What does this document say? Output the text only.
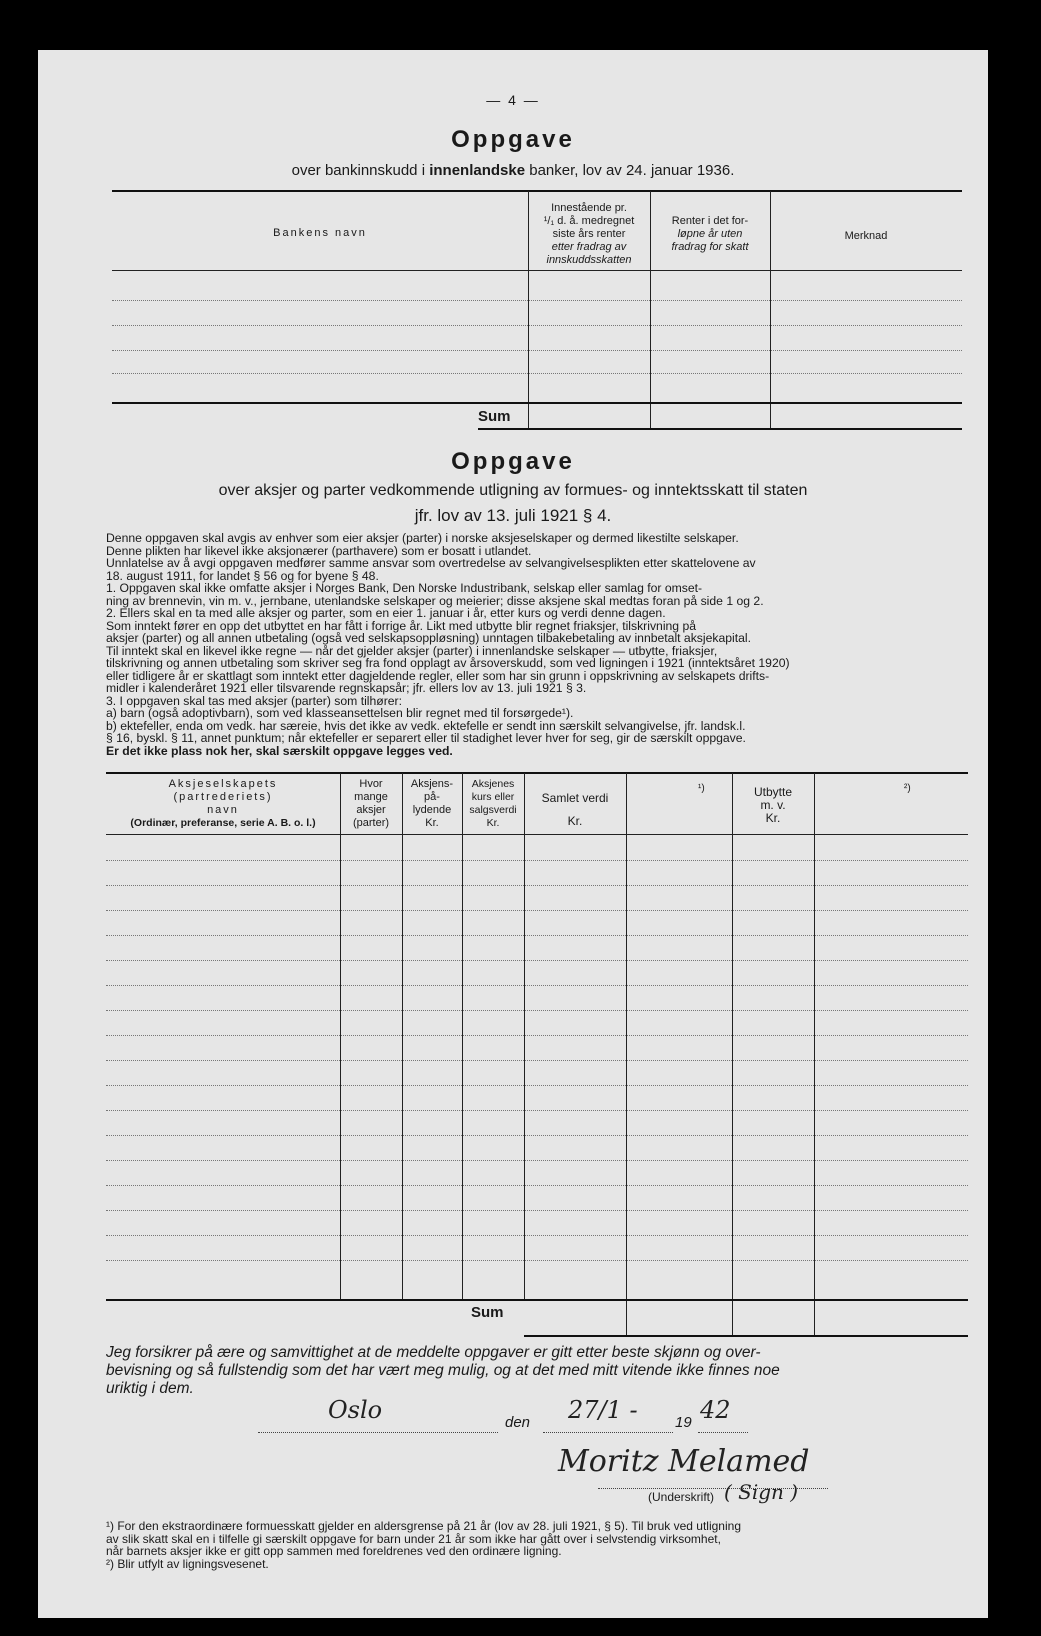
— 4 —
Oppgave
over bankinnskudd i innenlandske banker, lov av 24. januar 1936.
Bankens navn
Innestående pr.
¹/₁ d. å. medregnet
siste års renter
etter fradrag av
innskuddsskatten
Renter i det for-
løpne år uten
fradrag for skatt
Merknad
Sum
Oppgave
over aksjer og parter vedkommende utligning av formues- og inntektsskatt til staten
jfr. lov av 13. juli 1921 § 4.

Denne oppgaven skal avgis av enhver som eier aksjer (parter) i norske aksjeselskaper og dermed likestilte selskaper.

Denne plikten har likevel ikke aksjonærer (parthavere) som er bosatt i utlandet.

Unnlatelse av å avgi oppgaven medfører samme ansvar som overtredelse av selvangivelsesplikten etter skattelovene av

18. august 1911, for landet § 56 og for byene § 48.

1. Oppgaven skal ikke omfatte aksjer i Norges Bank, Den Norske Industribank, selskap eller samlag for omset-

ning av brennevin, vin m. v., jernbane, utenlandske selskaper og meierier; disse aksjene skal medtas foran på side 1 og 2.

2. Ellers skal en ta med alle aksjer og parter, som en eier 1. januar i år, etter kurs og verdi denne dagen.

Som inntekt fører en opp det utbyttet en har fått i forrige år. Likt med utbytte blir regnet friaksjer, tilskrivning på

aksjer (parter) og all annen utbetaling (også ved selskapsoppløsning) unntagen tilbakebetaling av innbetalt aksjekapital.

Til inntekt skal en likevel ikke regne — når det gjelder aksjer (parter) i innenlandske selskaper — utbytte, friaksjer,

tilskrivning og annen utbetaling som skriver seg fra fond opplagt av årsoverskudd, som ved ligningen i 1921 (inntektsåret 1920)

eller tidligere år er skattlagt som inntekt etter dagjeldende regler, eller som har sin grunn i oppskrivning av selskapets drifts-

midler i kalenderåret 1921 eller tilsvarende regnskapsår; jfr. ellers lov av 13. juli 1921 § 3.

3. I oppgaven skal tas med aksjer (parter) som tilhører:

a) barn (også adoptivbarn), som ved klasseansettelsen blir regnet med til forsørgede¹).

b) ektefeller, enda om vedk. har særeie, hvis det ikke av vedk. ektefelle er sendt inn særskilt selvangivelse, jfr. landsk.l.

§ 16, byskl. § 11, annet punktum; når ektefeller er separert eller til stadighet lever hver for seg, gir de særskilt oppgave.

Er det ikke plass nok her, skal særskilt oppgave legges ved.

Aksjeselskapets
(partrederiets)
navn
(Ordinær, preferanse, serie A. B. o. l.)
Hvor
mange
aksjer
(parter)
Aksjens-
på-
lydende
Kr.
Aksjenes
kurs eller
salgsverdi
Kr.
Samlet verdi
Kr.
¹)	Utbytte
m. v.
Kr.
²)
Sum
Jeg forsikrer på ære og samvittighet at de meddelte oppgaver er gitt etter beste skjønn og over-
bevisning og så fullstendig som det har vært meg mulig, og at det med mitt vitende ikke finnes noe
uriktig i dem.
Oslo	den 27/1 - 19 42
Moritz Melamed
(Underskrift) ( Sign )

¹) For den ekstraordinære formuesskatt gjelder en aldersgrense på 21 år (lov av 28. juli 1921, § 5). Til bruk ved utligning

av slik skatt skal en i tilfelle gi særskilt oppgave for barn under 21 år som ikke har gått over i selvstendig virksomhet,

når barnets aksjer ikke er gitt opp sammen med foreldrenes ved den ordinære ligning.

²) Blir utfylt av ligningsvesenet.
